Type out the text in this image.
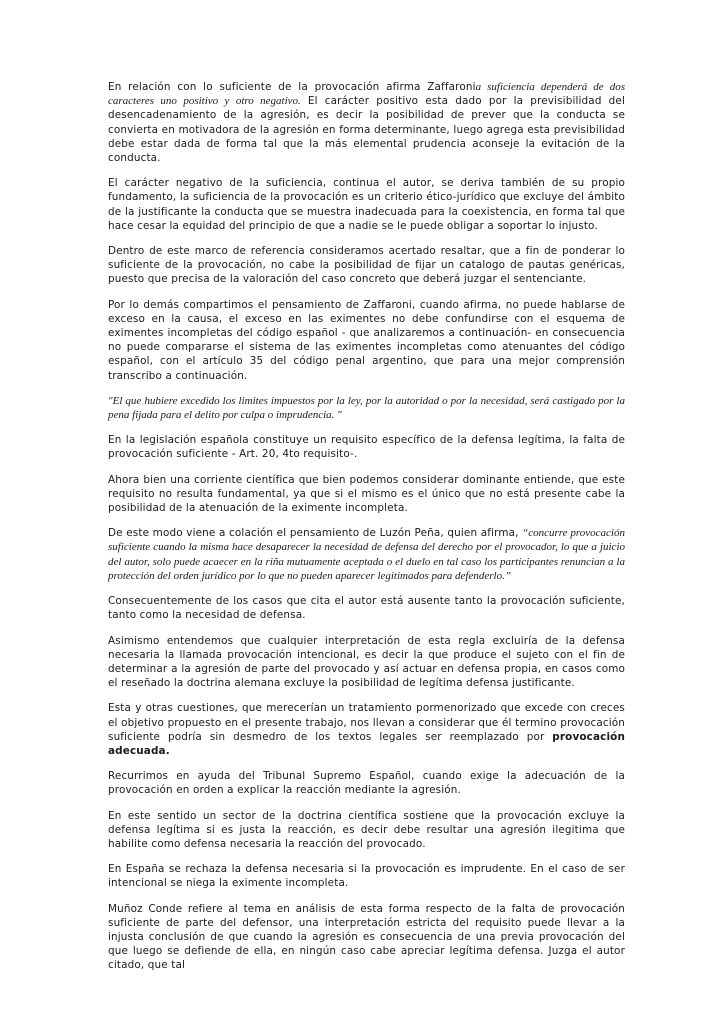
En relación con lo suficiente de la provocación afirma Zaffaronia suficiencia dependerá de dos caracteres uno positivo y otro negativo. El carácter positivo esta dado por la previsibilidad del desencadenamiento de la agresión, es decir la posibilidad de prever que la conducta se convierta en motivadora de la agresión en forma determinante, luego agrega esta previsibilidad debe estar dada de forma tal que la más elemental prudencia aconseje la evitación de la conducta.

El carácter negativo de la suficiencia, continua el autor, se deriva también de su propio fundamento, la suficiencia de la provocación es un criterio ético-jurídico que excluye del ámbito de la justificante la conducta que se muestra inadecuada para la coexistencia, en forma tal que hace cesar la equidad del principio de que a nadie se le puede obligar a soportar lo injusto.

Dentro de este marco de referencia consideramos acertado resaltar, que a fin de ponderar lo suficiente de la provocación, no cabe la posibilidad de fijar un catalogo de pautas genéricas, puesto que precisa de la valoración del caso concreto que deberá juzgar el sentenciante.

Por lo demás compartimos el pensamiento de Zaffaroni, cuando afirma, no puede hablarse de exceso en la causa, el exceso en las eximentes no debe confundirse con el esquema de eximentes incompletas del código español - que analizaremos a continuación- en consecuencia no puede compararse el sistema de las eximentes incompletas como atenuantes del código español, con el artículo 35 del código penal argentino, que para una mejor comprensión transcribo a continuación.

"El que hubiere excedido los limites impuestos por la ley, por la autoridad o por la necesidad, será castigado por la pena fijada para el delito por culpa o imprudencia. "

En la legislación española constituye un requisito específico de la defensa legítima, la falta de provocación suficiente - Art. 20, 4to requisito-.

Ahora bien una corriente científica que bien podemos considerar dominante entiende, que este requisito no resulta fundamental, ya que si el mismo es el único que no está presente cabe la posibilidad de la atenuación de la eximente incompleta.

De este modo viene a colación el pensamiento de Luzón Peña, quien afirma, “concurre provocación suficiente cuando la misma hace desaparecer la necesidad de defensa del derecho por el provocador, lo que a juicio del autor, solo puede acaecer en la riña mutuamente aceptada o el duelo en tal caso los participantes renuncian a la protección del orden jurídico por lo que no pueden aparecer legitimados para defenderlo.”

Consecuentemente de los casos que cita el autor está ausente tanto la provocación suficiente, tanto como la necesidad de defensa.

Asimismo entendemos que cualquier interpretación de esta regla excluiría de la defensa necesaria la llamada provocación intencional, es decir la que produce el sujeto con el fin de determinar a la agresión de parte del provocado y así actuar en defensa propia, en casos como el reseñado la doctrina alemana excluye la posibilidad de legítima defensa justificante.

Esta y otras cuestiones, que merecerían un tratamiento pormenorizado que excede con creces el objetivo propuesto en el presente trabajo, nos llevan a considerar que él termino provocación suficiente podría sin desmedro de los textos legales ser reemplazado por provocación adecuada.

Recurrimos en ayuda del Tribunal Supremo Español, cuando exige la adecuación de la provocación en orden a explicar la reacción mediante la agresión.

En este sentido un sector de la doctrina científica sostiene que la provocación excluye la defensa legítima si es justa la reacción, es decir debe resultar una agresión ilegitima que habilite como defensa necesaria la reacción del provocado.

En España se rechaza la defensa necesaria si la provocación es imprudente. En el caso de ser intencional se niega la eximente incompleta.

Muñoz Conde refiere al tema en análisis de esta forma respecto de la falta de provocación suficiente de parte del defensor, una interpretación estricta del requisito puede llevar a la injusta conclusión de que cuando la agresión es consecuencia de una previa provocación del que luego se defiende de ella, en ningún caso cabe apreciar legítima defensa. Juzga el autor citado, que tal
